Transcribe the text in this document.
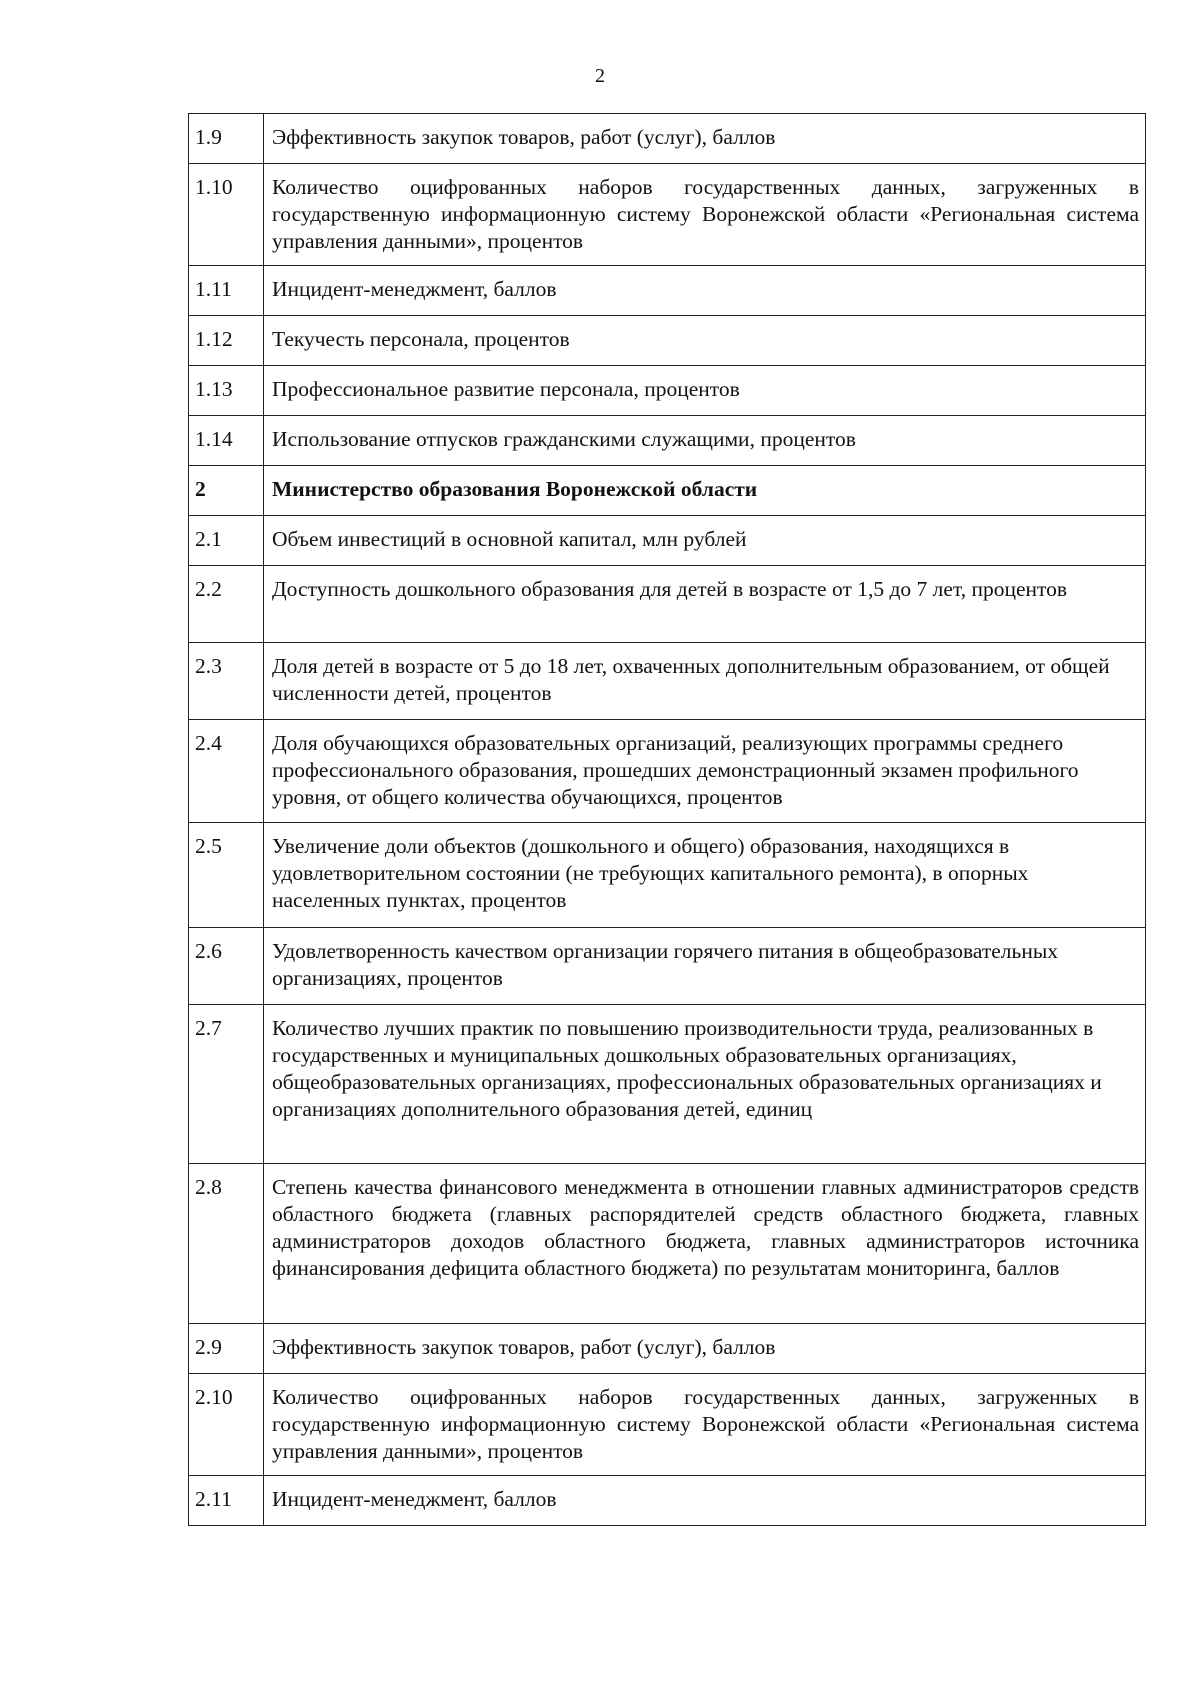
2
1.9	Эффективность закупок товаров, работ (услуг), баллов
1.10	Количество оцифрованных наборов государственных данных, загруженных в государственную информационную систему Воронежской области «Региональная система управления данными», процентов
1.11	Инцидент-менеджмент, баллов
1.12	Текучесть персонала, процентов
1.13	Профессиональное развитие персонала, процентов
1.14	Использование отпусков гражданскими служащими, процентов
2	Министерство образования Воронежской области
2.1	Объем инвестиций в основной капитал, млн рублей
2.2	Доступность дошкольного образования для детей в возрасте от 1,5 до 7 лет, процентов
2.3	Доля детей в возрасте от 5 до 18 лет, охваченных дополнительным образованием, от общей численности детей, процентов
2.4	Доля обучающихся образовательных организаций, реализующих программы среднего профессионального образования, прошедших демонстрационный экзамен профильного уровня, от общего количества обучающихся, процентов
2.5	Увеличение доли объектов (дошкольного и общего) образования, находящихся в удовлетворительном состоянии (не требующих капитального ремонта), в опорных населенных пунктах, процентов
2.6	Удовлетворенность качеством организации горячего питания в общеобразовательных организациях, процентов
2.7	Количество лучших практик по повышению производительности труда, реализованных в государственных и муниципальных дошкольных образовательных организациях, общеобразовательных организациях, профессиональных образовательных организациях и организациях дополнительного образования детей, единиц
2.8	Степень качества финансового менеджмента в отношении главных администраторов средств областного бюджета (главных распорядителей средств областного бюджета, главных администраторов доходов областного бюджета, главных администраторов источника финансирования дефицита областного бюджета) по результатам мониторинга, баллов
2.9	Эффективность закупок товаров, работ (услуг), баллов
2.10	Количество оцифрованных наборов государственных данных, загруженных в государственную информационную систему Воронежской области «Региональная система управления данными», процентов
2.11	Инцидент-менеджмент, баллов
